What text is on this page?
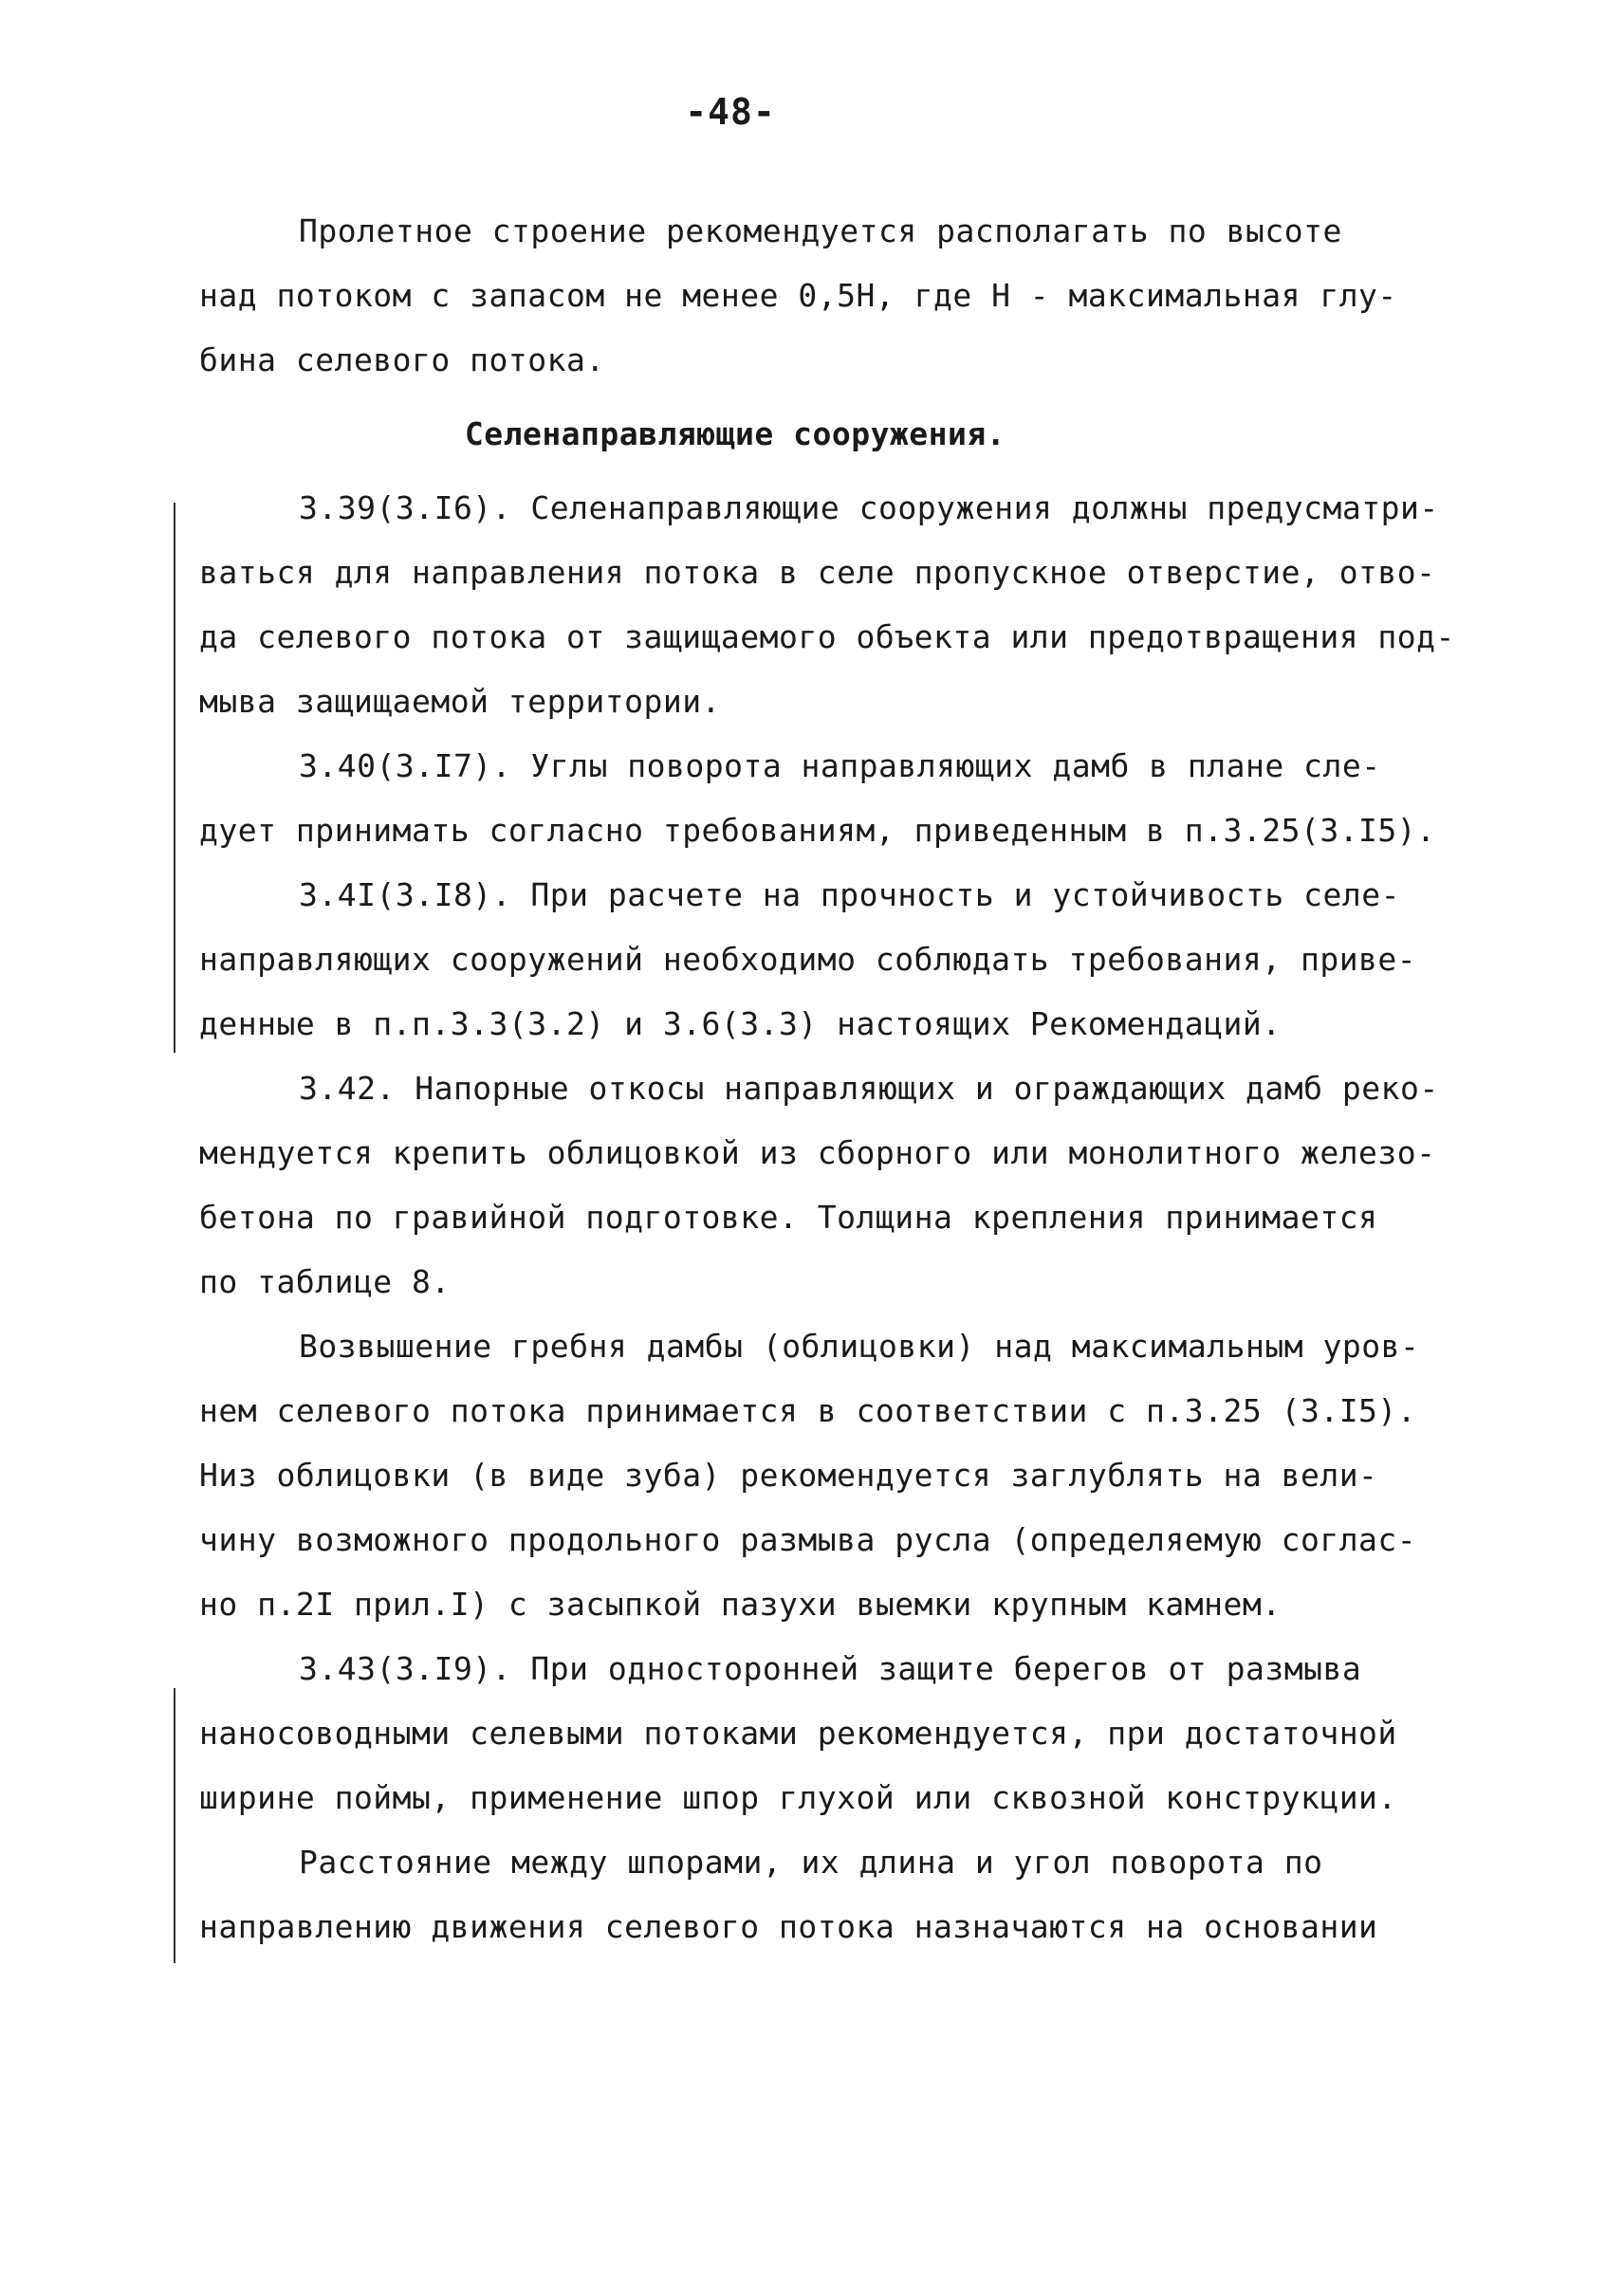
-48-
Пролетное строение рекомендуется располагать по высоте
над потоком с запасом не менее 0,5Н, где Н - максимальная глу-
бина селевого потока.
Селенаправляющие сооружения.
3.39(3.I6). Селенаправляющие сооружения должны предусматри-
ваться для направления потока в селе пропускное отверстие, отво-
да селевого потока от защищаемого объекта или предотвращения под-
мыва защищаемой территории.
3.40(3.I7). Углы поворота направляющих дамб в плане сле-
дует принимать согласно требованиям, приведенным в п.3.25(3.I5).
3.4I(3.I8). При расчете на прочность и устойчивость селе-
направляющих сооружений необходимо соблюдать требования, приве-
денные в п.п.3.3(3.2) и 3.6(3.3) настоящих Рекомендаций.
3.42. Напорные откосы направляющих и ограждающих дамб реко-
мендуется крепить облицовкой из сборного или монолитного железо-
бетона по гравийной подготовке. Толщина крепления принимается
по таблице 8.
Возвышение гребня дамбы (облицовки) над максимальным уров-
нем селевого потока принимается в соответствии с п.3.25 (3.I5).
Низ облицовки (в виде зуба) рекомендуется заглублять на вели-
чину возможного продольного размыва русла (определяемую соглас-
но п.2I прил.I) с засыпкой пазухи выемки крупным камнем.
3.43(3.I9). При односторонней защите берегов от размыва
наносоводными селевыми потоками рекомендуется, при достаточной
ширине поймы, применение шпор глухой или сквозной конструкции.
Расстояние между шпорами, их длина и угол поворота по
направлению движения селевого потока назначаются на основании
